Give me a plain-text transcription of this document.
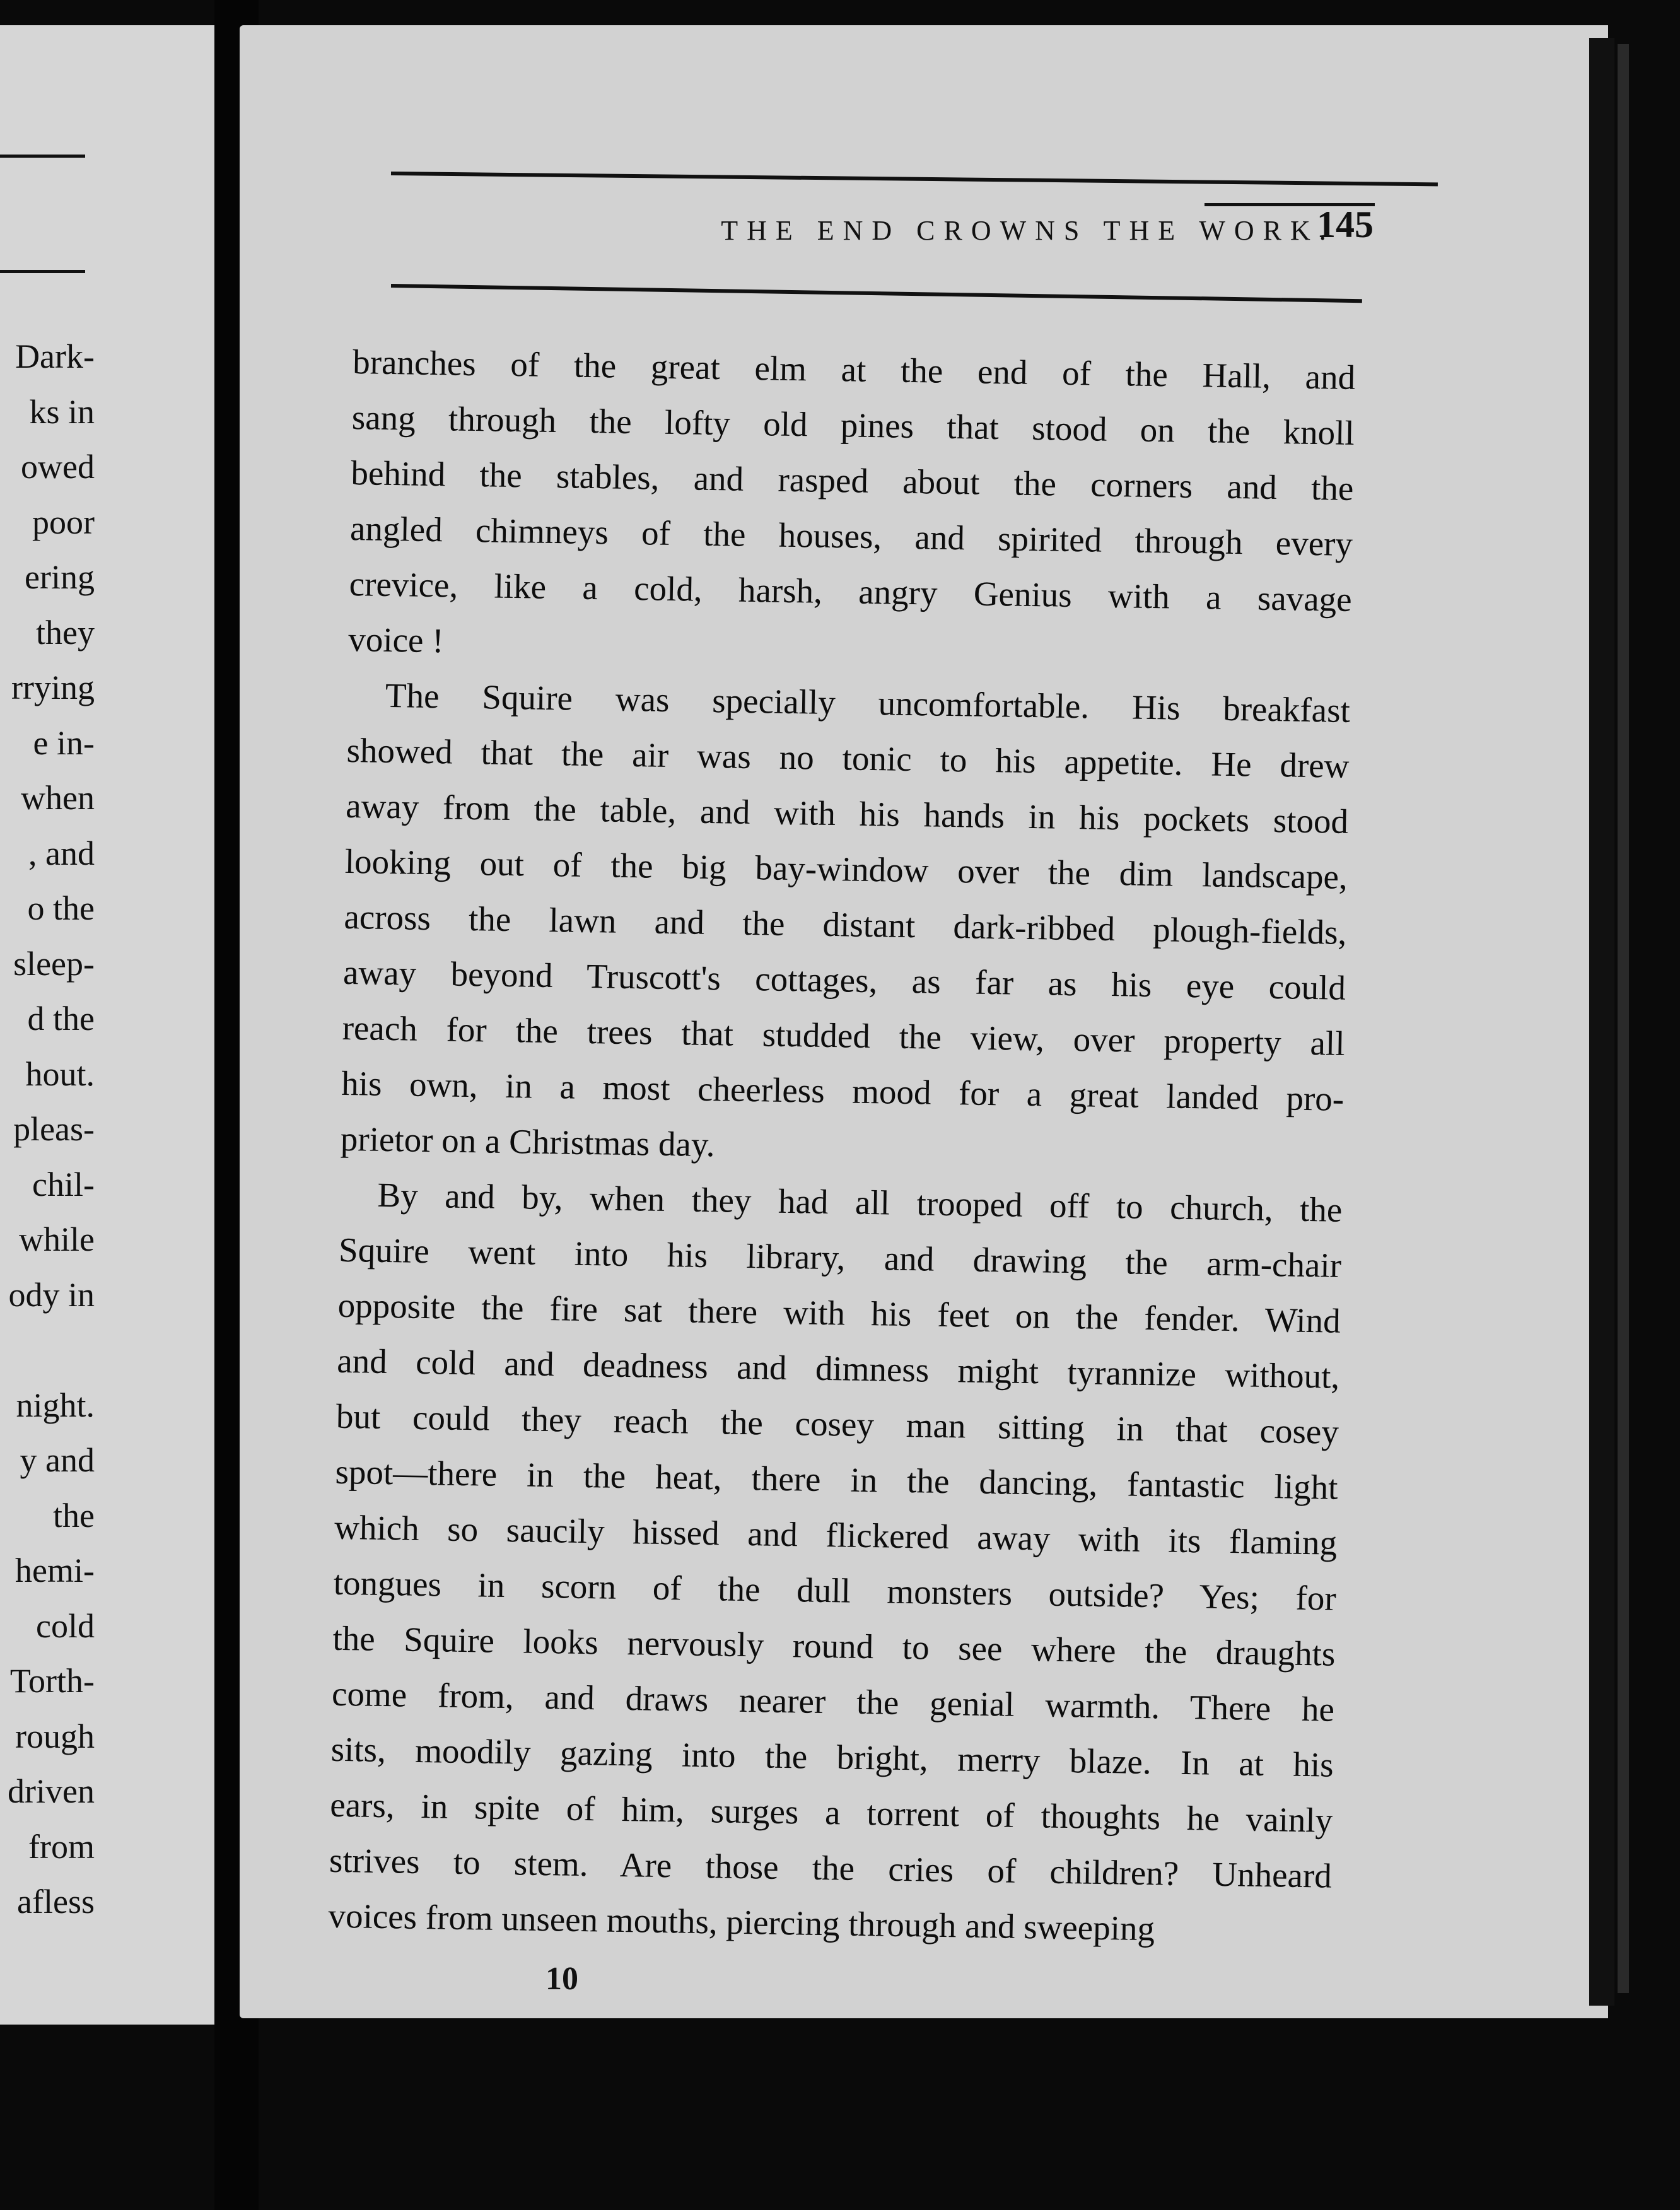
Dark-
ks in
owed
poor
ering
they
rrying
e in-
when
, and
o the
sleep-
d the
hout.
pleas-
chil-
while
ody in
night.
y and
the
hemi-
cold
Torth-
rough
driven
from
afless
THE END CROWNS THE WORK.
145

branches of the great elm at the end of the Hall, and
sang through the lofty old pines that stood on the knoll
behind the stables, and rasped about the corners and the
angled chimneys of the houses, and spirited through every
crevice, like a cold, harsh, angry Genius with a savage
voice !

The Squire was specially uncomfortable. His breakfast
showed that the air was no tonic to his appetite. He drew
away from the table, and with his hands in his pockets stood
looking out of the big bay-window over the dim landscape,
across the lawn and the distant dark-ribbed plough-fields,
away beyond Truscott's cottages, as far as his eye could
reach for the trees that studded the view, over property all
his own, in a most cheerless mood for a great landed pro-
prietor on a Christmas day.

By and by, when they had all trooped off to church, the
Squire went into his library, and drawing the arm-chair
opposite the fire sat there with his feet on the fender. Wind
and cold and deadness and dimness might tyrannize without,
but could they reach the cosey man sitting in that cosey
spot—there in the heat, there in the dancing, fantastic light
which so saucily hissed and flickered away with its flaming
tongues in scorn of the dull monsters outside? Yes; for
the Squire looks nervously round to see where the draughts
come from, and draws nearer the genial warmth. There he
sits, moodily gazing into the bright, merry blaze. In at his
ears, in spite of him, surges a torrent of thoughts he vainly
strives to stem. Are those the cries of children? Unheard
voices from unseen mouths, piercing through and sweeping

10
